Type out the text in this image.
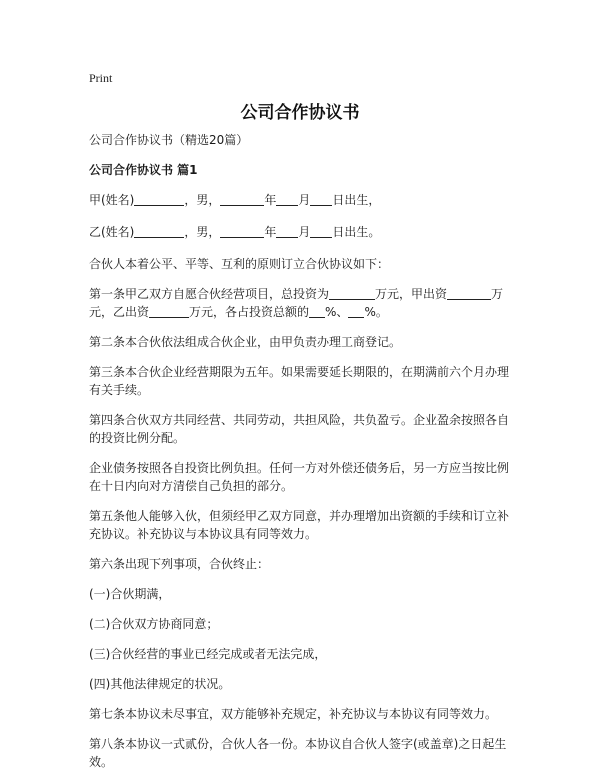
Print
公司合作协议书

公司合作协议书（精选20篇）

公司合作协议书 篇1

甲(姓名)	，男，	年 月 日出生，

乙(姓名)	，男，	年 月 日出生。

合伙人本着公平、平等、互利的原则订立合伙协议如下：

第一条甲乙双方自愿合伙经营项目，总投资为	万元，甲出资	万元，乙出资	万元，各占投资总额的 %、 %。

第二条本合伙依法组成合伙企业，由甲负责办理工商登记。

第三条本合伙企业经营期限为五年。如果需要延长期限的，在期满前六个月办理有关手续。

第四条合伙双方共同经营、共同劳动，共担风险，共负盈亏。企业盈余按照各自的投资比例分配。

企业债务按照各自投资比例负担。任何一方对外偿还债务后，另一方应当按比例在十日内向对方清偿自己负担的部分。

第五条他人能够入伙，但须经甲乙双方同意，并办理增加出资额的手续和订立补充协议。补充协议与本协议具有同等效力。

第六条出现下列事项，合伙终止：

(一)合伙期满，

(二)合伙双方协商同意；

(三)合伙经营的事业已经完成或者无法完成，

(四)其他法律规定的状况。

第七条本协议未尽事宜，双方能够补充规定，补充协议与本协议有同等效力。

第八条本协议一式贰份，合伙人各一份。本协议自合伙人签字(或盖章)之日起生效。
